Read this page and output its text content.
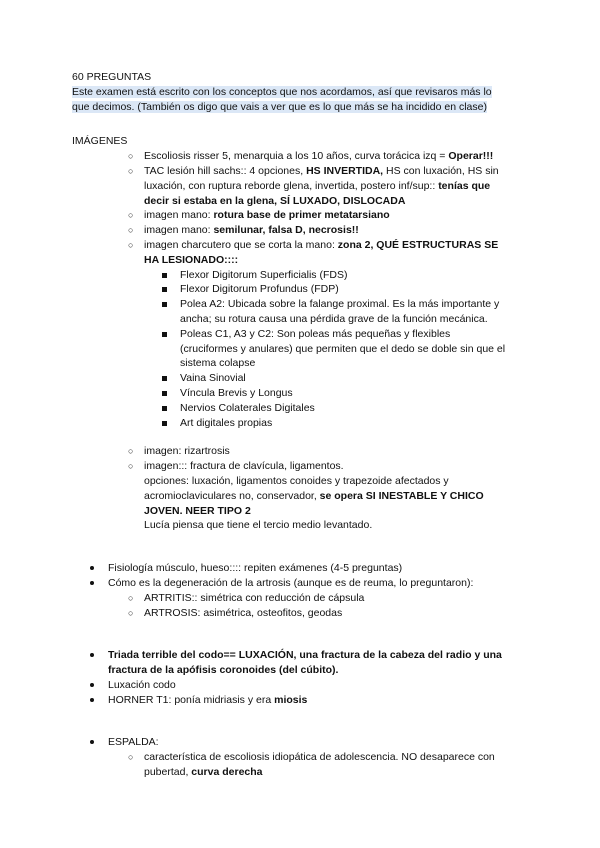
60 PREGUNTAS
Este examen está escrito con los conceptos que nos acordamos, así que revisaros más lo
que decimos. (También os digo que vais a ver que es lo que más se ha incidido en clase)
IMÁGENES
○ Escoliosis risser 5, menarquia a los 10 años, curva torácica izq = Operar!!!
○ TAC lesión hill sachs:: 4 opciones, HS INVERTIDA, HS con luxación, HS sin
luxación, con ruptura reborde glena, invertida, postero inf/sup:: tenías que
decir si estaba en la glena, SÍ LUXADO, DISLOCADA
○ imagen mano: rotura base de primer metatarsiano
○ imagen mano: semilunar, falsa D, necrosis!!
○ imagen charcutero que se corta la mano: zona 2, QUÉ ESTRUCTURAS SE
HA LESIONADO::::
Flexor Digitorum Superficialis (FDS)
Flexor Digitorum Profundus (FDP)
Polea A2: Ubicada sobre la falange proximal. Es la más importante y
ancha; su rotura causa una pérdida grave de la función mecánica.
Poleas C1, A3 y C2: Son poleas más pequeñas y flexibles
(cruciformes y anulares) que permiten que el dedo se doble sin que el
sistema colapse
Vaina Sinovial
Víncula Brevis y Longus
Nervios Colaterales Digitales
Art digitales propias
○ imagen: rizartrosis
○ imagen::: fractura de clavícula, ligamentos.
opciones: luxación, ligamentos conoides y trapezoide afectados y
acromioclaviculares no, conservador, se opera SI INESTABLE Y CHICO
JOVEN. NEER TIPO 2
Lucía piensa que tiene el tercio medio levantado.
Fisiología músculo, hueso:::: repiten exámenes (4-5 preguntas)
Cómo es la degeneración de la artrosis (aunque es de reuma, lo preguntaron):
○ ARTRITIS:: simétrica con reducción de cápsula
○ ARTROSIS: asimétrica, osteofitos, geodas
Triada terrible del codo== LUXACIÓN, una fractura de la cabeza del radio y una
fractura de la apófisis coronoides (del cúbito).
Luxación codo
HORNER T1: ponía midriasis y era miosis
ESPALDA:
○ característica de escoliosis idiopática de adolescencia. NO desaparece con
pubertad, curva derecha
